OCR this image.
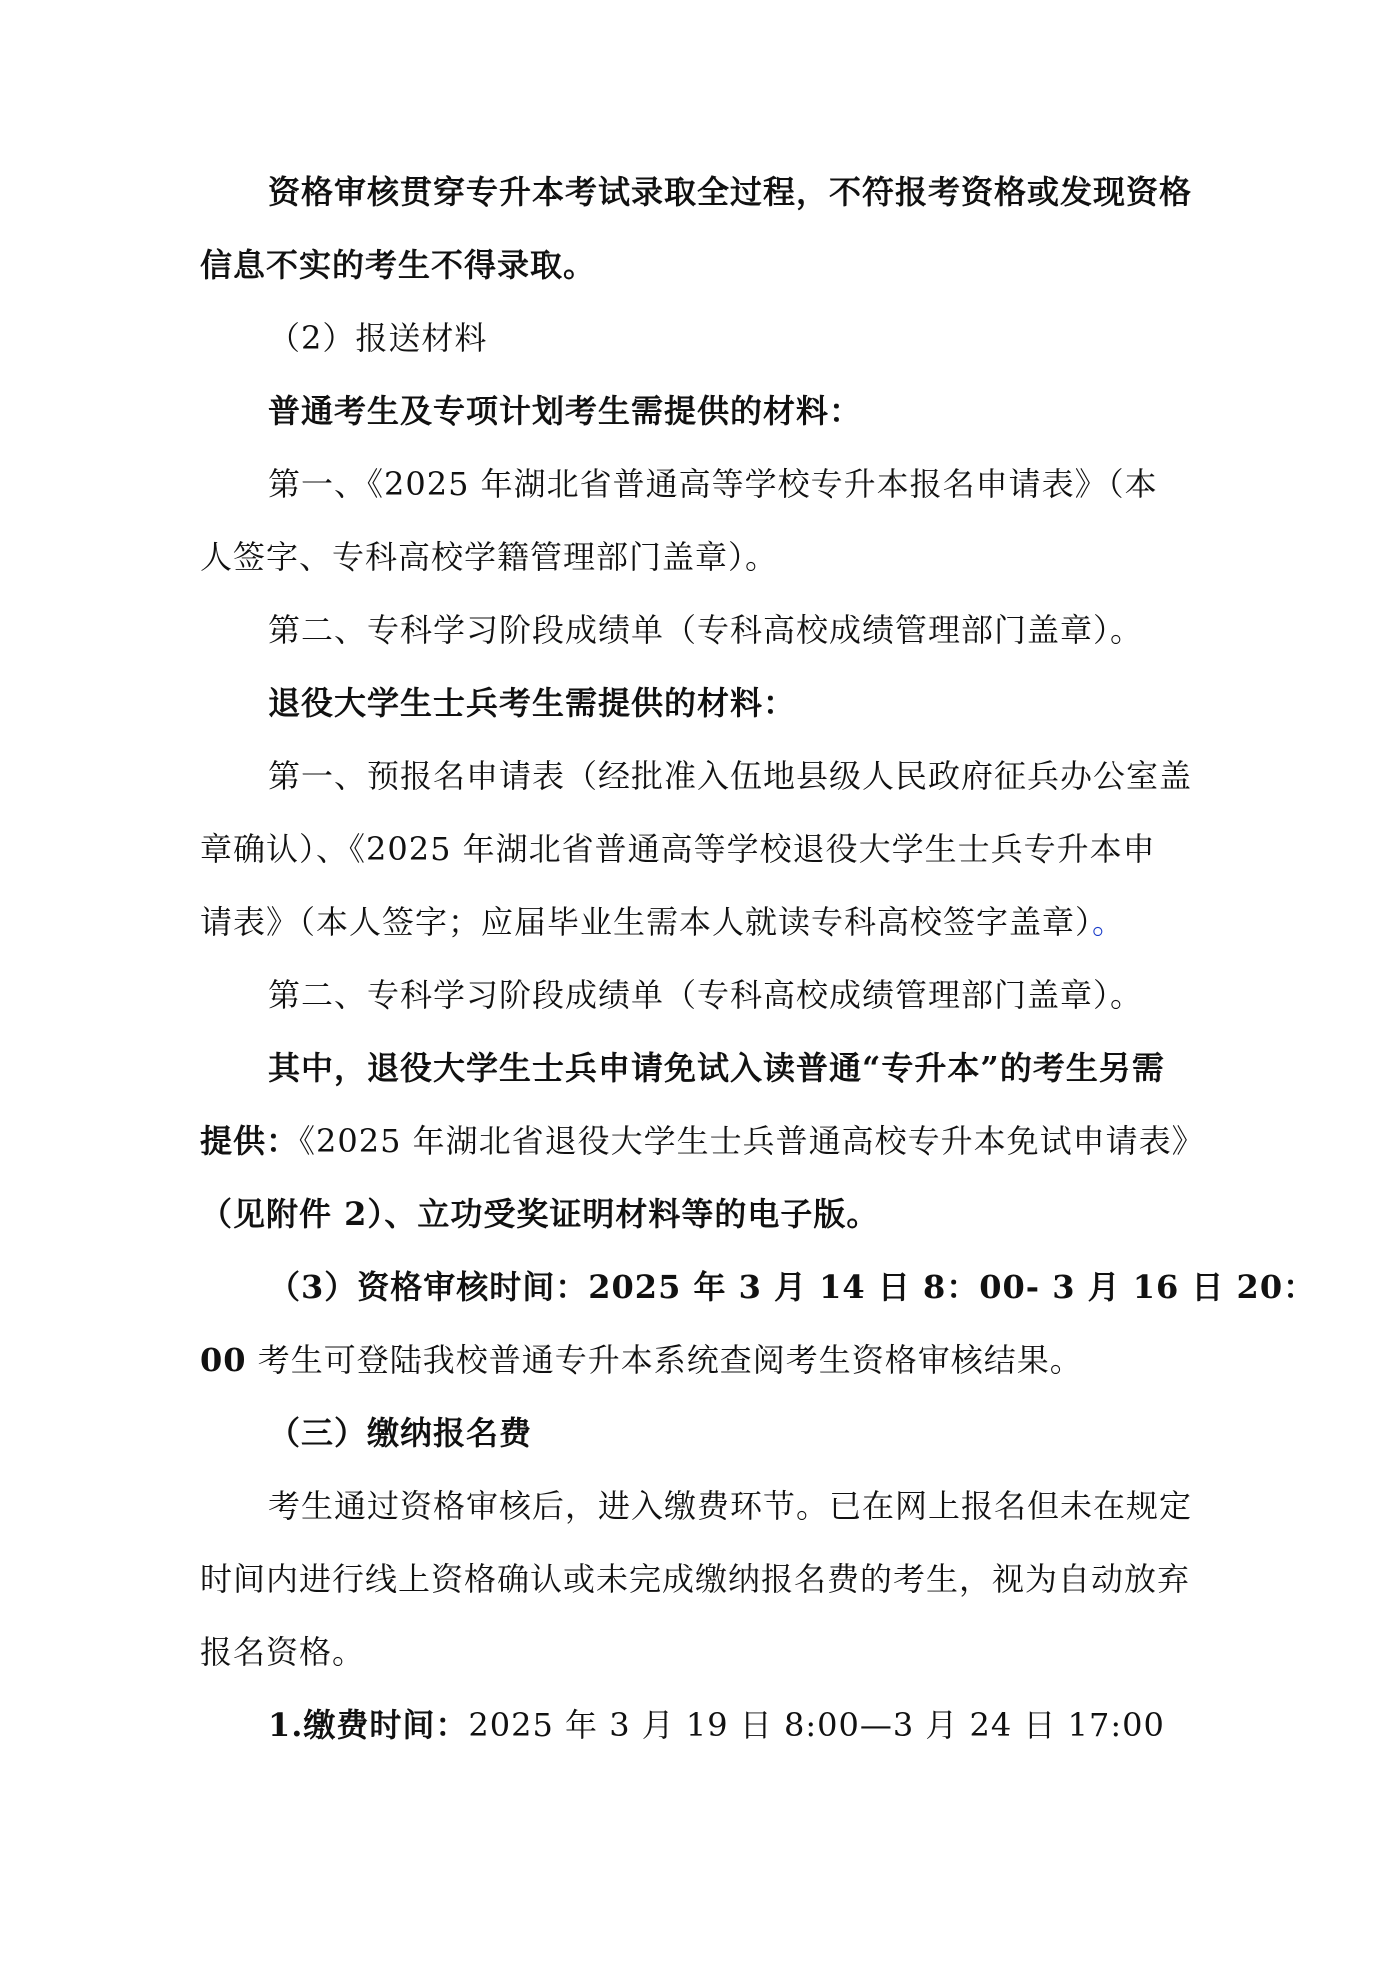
资格审核贯穿专升本考试录取全过程，不符报考资格或发现资格
信息不实的考生不得录取。
（2）报送材料
普通考生及专项计划考生需提供的材料：
第一、《2025 年湖北省普通高等学校专升本报名申请表》（本
人签字、专科高校学籍管理部门盖章）。
第二、专科学习阶段成绩单（专科高校成绩管理部门盖章）。
退役大学生士兵考生需提供的材料：
第一、预报名申请表（经批准入伍地县级人民政府征兵办公室盖
章确认）、《2025 年湖北省普通高等学校退役大学生士兵专升本申
请表》（本人签字；应届毕业生需本人就读专科高校签字盖章）。
第二、专科学习阶段成绩单（专科高校成绩管理部门盖章）。
其中，退役大学生士兵申请免试入读普通“专升本”的考生另需
提供：《2025 年湖北省退役大学生士兵普通高校专升本免试申请表》
（见附件 2）、立功受奖证明材料等的电子版。
（3）资格审核时间：2025 年 3 月 14 日 8：00- 3 月 16 日 20：
00 考生可登陆我校普通专升本系统查阅考生资格审核结果。
（三）缴纳报名费
考生通过资格审核后，进入缴费环节。已在网上报名但未在规定
时间内进行线上资格确认或未完成缴纳报名费的考生，视为自动放弃
报名资格。
1.缴费时间：2025 年 3 月 19 日 8:00—3 月 24 日 17:00
